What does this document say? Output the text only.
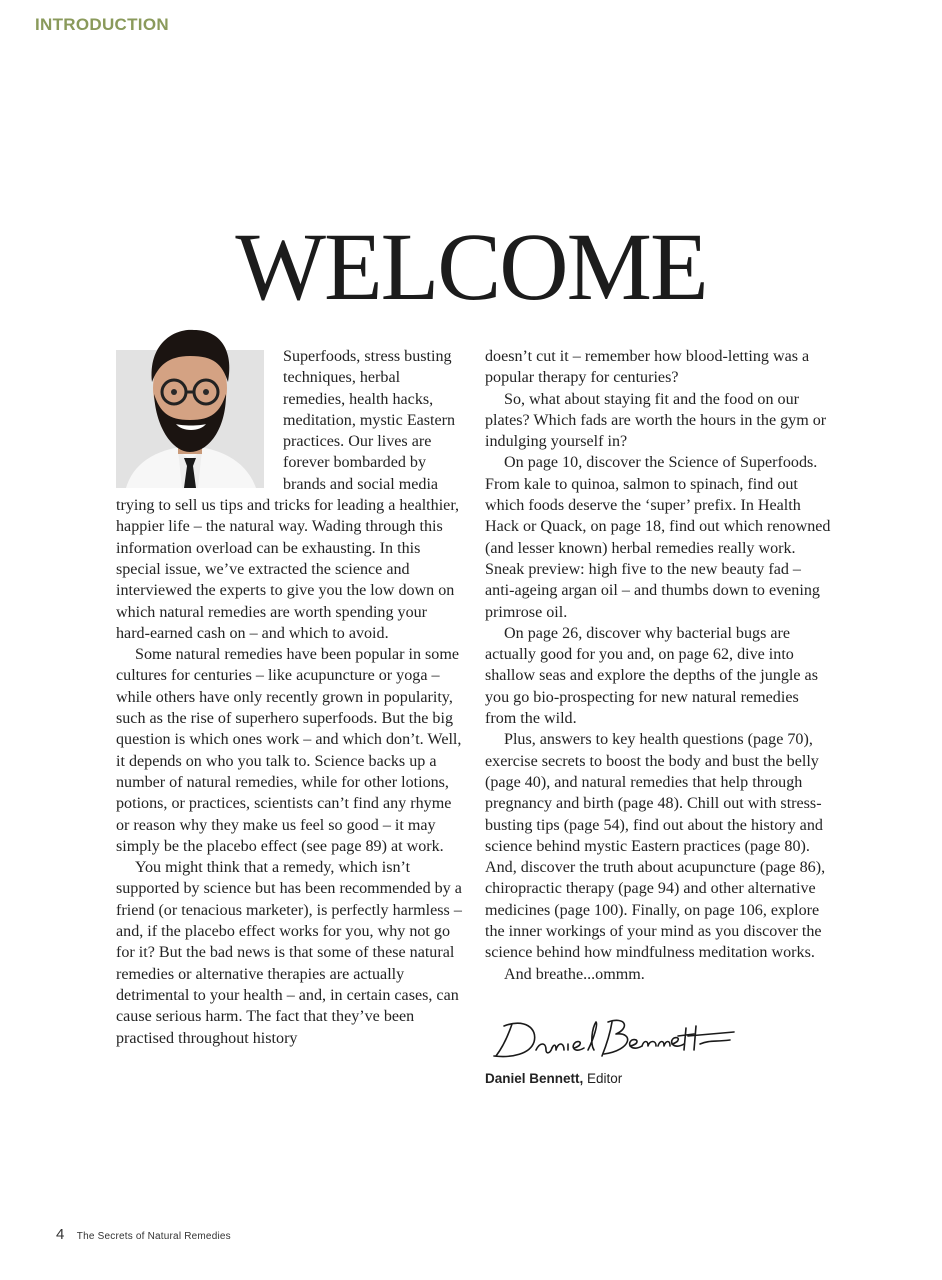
INTRODUCTION
WELCOME

Superfoods, stress busting techniques, herbal remedies, health hacks, meditation, mystic Eastern practices. Our lives are forever bombarded by brands and social media trying to sell us tips and tricks for leading a healthier, happier life – the natural way. Wading through this information overload can be exhausting. In this special issue, we’ve extracted the science and interviewed the experts to give you the low down on which natural remedies are worth spending your hard-earned cash on – and which to avoid.

Some natural remedies have been popular in some cultures for centuries – like acupuncture or yoga – while others have only recently grown in popularity, such as the rise of superhero superfoods. But the big question is which ones work – and which don’t. Well, it depends on who you talk to. Science backs up a number of natural remedies, while for other lotions, potions, or practices, scientists can’t find any rhyme or reason why they make us feel so good – it may simply be the placebo effect (see page 89) at work.

You might think that a remedy, which isn’t supported by science but has been recommended by a friend (or tenacious marketer), is perfectly harmless – and, if the placebo effect works for you, why not go for it? But the bad news is that some of these natural remedies or alternative therapies are actually detrimental to your health – and, in certain cases, can cause serious harm. The fact that they’ve been practised throughout history

doesn’t cut it – remember how blood-letting was a popular therapy for centuries?

So, what about staying fit and the food on our plates? Which fads are worth the hours in the gym or indulging yourself in?

On page 10, discover the Science of Superfoods. From kale to quinoa, salmon to spinach, find out which foods deserve the ‘super’ prefix. In Health Hack or Quack, on page 18, find out which renowned (and lesser known) herbal remedies really work. Sneak preview: high five to the new beauty fad – anti-ageing argan oil – and thumbs down to evening primrose oil.

On page 26, discover why bacterial bugs are actually good for you and, on page 62, dive into shallow seas and explore the depths of the jungle as you go bio-prospecting for new natural remedies from the wild.

Plus, answers to key health questions (page 70), exercise secrets to boost the body and bust the belly (page 40), and natural remedies that help through pregnancy and birth (page 48). Chill out with stress-busting tips (page 54), find out about the history and science behind mystic Eastern practices (page 80). And, discover the truth about acupuncture (page 86), chiropractic therapy (page 94) and other alternative medicines (page 100). Finally, on page 106, explore the inner workings of your mind as you discover the science behind how mindfulness meditation works.

And breathe...ommm.

Daniel Bennett, Editor
4 The Secrets of Natural Remedies
